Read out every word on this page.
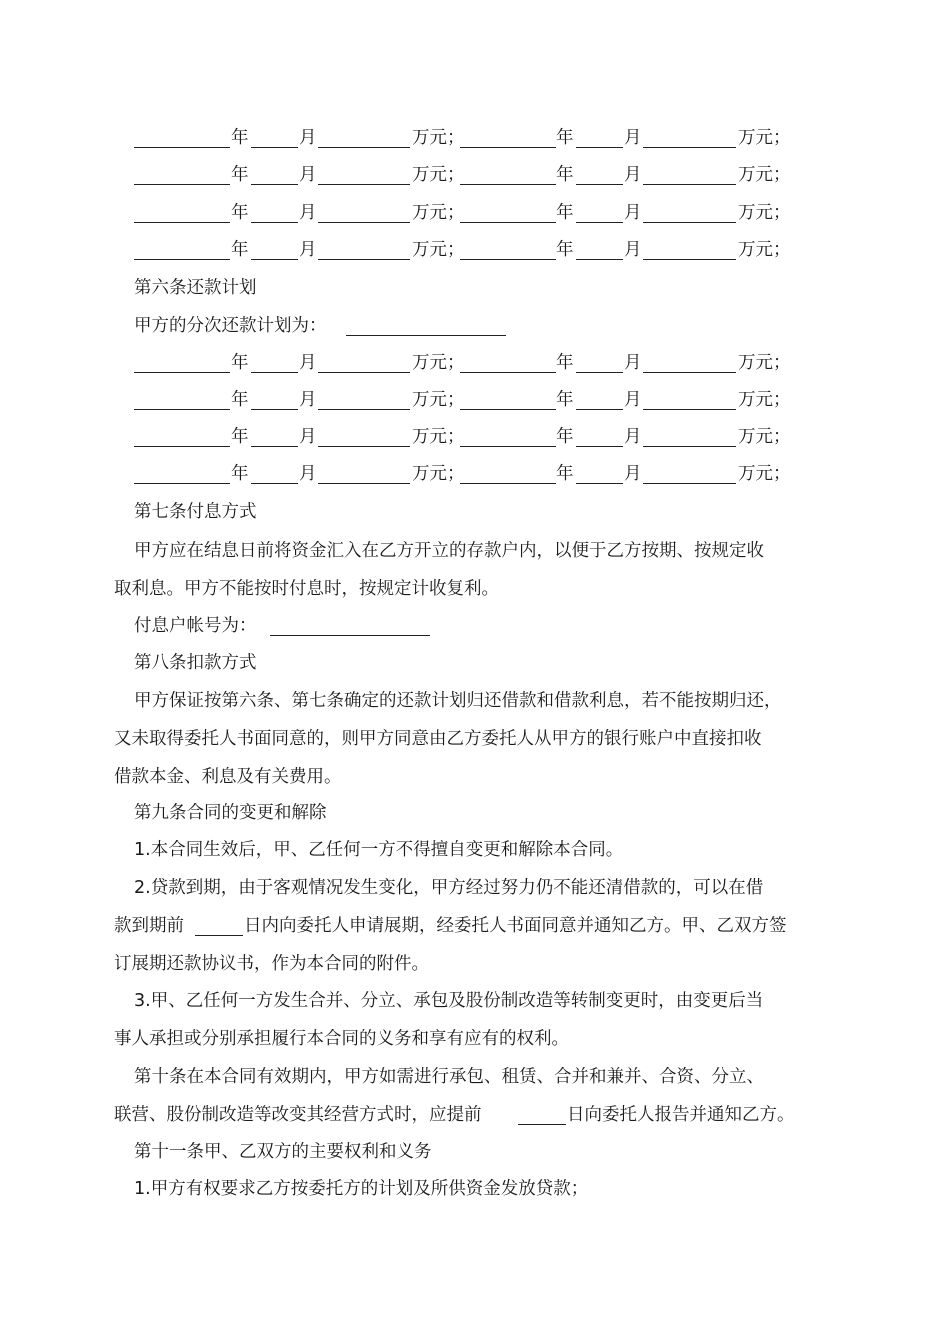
年	月	万元；	年	月	万元；
年	月	万元；	年	月	万元；
年	月	万元；	年	月	万元；
年	月	万元；	年	月	万元；
第六条还款计划
甲方的分次还款计划为：
年	月	万元；	年	月	万元；
年	月	万元；	年	月	万元；
年	月	万元；	年	月	万元；
年	月	万元；	年	月	万元；
第七条付息方式
甲方应在结息日前将资金汇入在乙方开立的存款户内，以便于乙方按期、按规定收
取利息。甲方不能按时付息时，按规定计收复利。
付息户帐号为：
第八条扣款方式
甲方保证按第六条、第七条确定的还款计划归还借款和借款利息，若不能按期归还，
又未取得委托人书面同意的，则甲方同意由乙方委托人从甲方的银行账户中直接扣收
借款本金、利息及有关费用。
第九条合同的变更和解除
1.本合同生效后，甲、乙任何一方不得擅自变更和解除本合同。
2.贷款到期，由于客观情况发生变化，甲方经过努力仍不能还清借款的，可以在借
款到期前	日内向委托人申请展期，经委托人书面同意并通知乙方。甲、乙双方签
订展期还款协议书，作为本合同的附件。
3.甲、乙任何一方发生合并、分立、承包及股份制改造等转制变更时，由变更后当
事人承担或分别承担履行本合同的义务和享有应有的权利。
第十条在本合同有效期内，甲方如需进行承包、租赁、合并和兼并、合资、分立、
联营、股份制改造等改变其经营方式时，应提前	日向委托人报告并通知乙方。
第十一条甲、乙双方的主要权利和义务
1.甲方有权要求乙方按委托方的计划及所供资金发放贷款；
